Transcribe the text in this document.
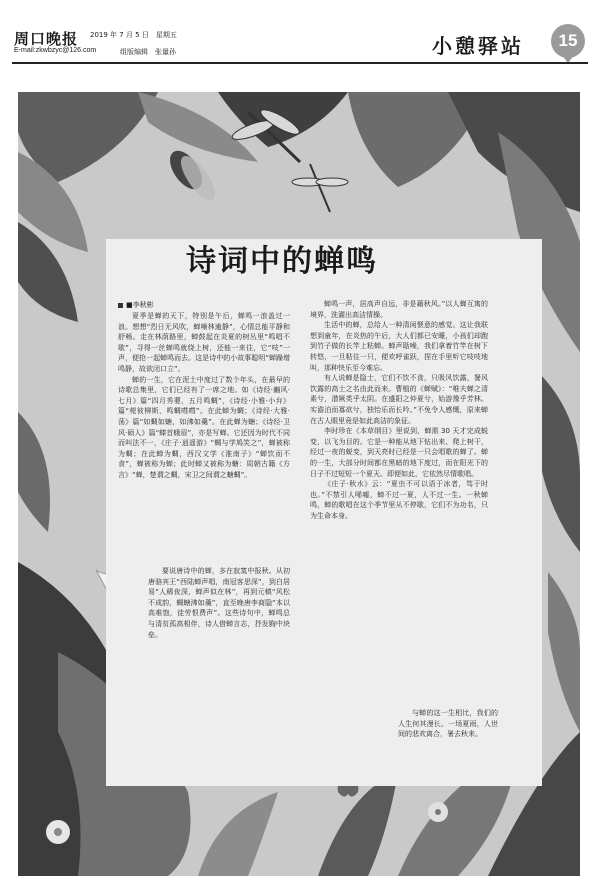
周口晚报 2019 年 7 月 5 日　星期五
E-mail:zkwbzyc@126.com	组版编辑　张量孙	小憩驿站	15
诗词中的蝉鸣
■李秋彬

夏季是蝉的天下，特别是午后，蝉鸣一浪盖过一浪。想想“烈日无风吹，蝉噪林逾静”，心情总能平静和舒畅。走在林荫路里，蝉鼓起在炎夏的树丛里“鸣唱不歇”，寻得一丝蝉鸣就绕上树，还能一来往，它“吱”一声，便抢一起蝉鸣而去。这是诗中的小故事聪明“蝉躁增鸣静，故欲闭口立”。

蝉的一生，它在泥土中度过了数个年头，在最早的诗歌总集里，它们已经有了一席之地。如《诗经·豳风·七月》篇“四月秀葽，五月鸣蜩”，《诗经·小雅·小弁》篇“菀彼柳斯，鸣蜩嘒嘒”。在此蝉为蜩；《诗经·大雅·荡》篇“如蜩如螗，如沸如羹”。在此蝉为螗；《诗经·卫风·硕人》篇“螓首蛾眉”，亦是写蝉。它还因为时代不同而叫法不一，《庄子·逍遥游》“蜩与学鸠笑之”，蝉被称为蜩；在此蝉为蜩，西汉文学《淮南子》“蝉饮而不食”，蝉被称为蝉；此时蝉又被称为螗：周朝古籍《方言》“蝉，楚谓之蜩，宋卫之间谓之螗蜩”。

要说唐诗中的蝉，多在寂寞中报秋。从初唐骆宾王“西陆蝉声唱，南冠客思深”，到白居易“人稀夜深，蝉声似在林”，再到元稹“风松不成韵，蜩螗沸如羹”，直至晚唐李商隐“本以高难饱，徒劳恨费声”。这些诗句中，蝉鸣总与清贫孤高相伴，诗人借蝉言志，抒发胸中块垒。

蝉鸣一声，居高声自远，非是藉秋风。”以人蝉互寓的境界，洗濯出高洁情操。

生活中的蝉，总给人一种清闲惬意的感觉。这让我联想到童年，在炎热的午后，大人们都已安睡，小孩们却跑到竹子做的长竿上粘蝉。蝉声聒噪，我们拿着竹竿在树下转悠，一旦粘住一只，便欢呼雀跃，捏在手里听它吱吱地叫，那种快乐至今难忘。

有人说蝉是隐士，它们不饮不食，只吸风饮露，餐风饮露的高士之名由此而来。曹植的《蝉赋》：“唯夫蝉之清素兮，潜厥类乎太阴。在盛阳之仲夏兮，始游豫乎芳林。实澹泊而寡欲兮，独怡乐而长吟。”不免令人感慨，原来蝉在古人眼里竟是如此高洁的象征。

李时珍在《本草纲目》里说到，蝉需 30 天才完成蜕变，以飞为目的。它是一种能从地下钻出来、爬上树干，经过一夜的蜕变，到天亮时已经是一只会唱歌的蝉了。蝉的一生，大部分时间都在黑暗的地下度过，而在阳光下的日子不过短短一个夏天。即便如此，它依然尽情歌唱。

《庄子·秋水》云：“夏虫不可以语于冰者，笃于时也。”不禁引人唏嘘，蝉不过一夏，人不过一生。一秋蝉鸣，蝉的歌唱在这个季节里从不停歇，它们不为功名，只为生命本身。

与蝉的这一生相比，我们的人生何其漫长。一场夏雨，人世间的悲欢离合，暑去秋来。
